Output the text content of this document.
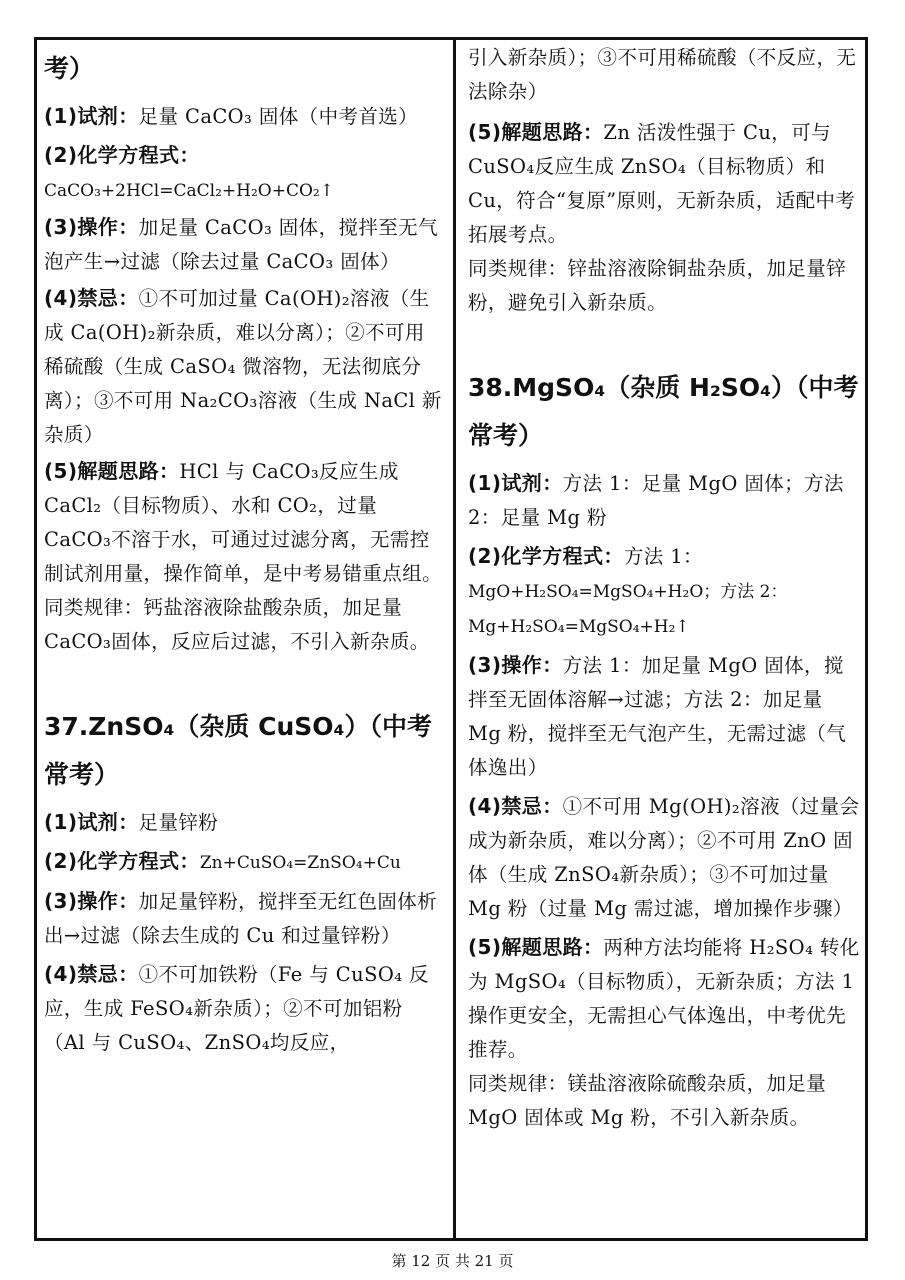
考）

(1)试剂：足量 CaCO₃ 固体（中考首选）

(2)化学方程式：
CaCO₃+2HCl=CaCl₂+H₂O+CO₂↑

(3)操作：加足量 CaCO₃ 固体，搅拌至无气泡产生→过滤（除去过量 CaCO₃ 固体）

(4)禁忌：①不可加过量 Ca(OH)₂溶液（生成 Ca(OH)₂新杂质，难以分离）；②不可用稀硫酸（生成 CaSO₄ 微溶物，无法彻底分离）；③不可用 Na₂CO₃溶液（生成 NaCl 新杂质）

(5)解题思路：HCl 与 CaCO₃反应生成 CaCl₂（目标物质）、水和 CO₂，过量 CaCO₃不溶于水，可通过过滤分离，无需控制试剂用量，操作简单，是中考易错重点组。

同类规律：钙盐溶液除盐酸杂质，加足量 CaCO₃固体，反应后过滤，不引入新杂质。

37.ZnSO₄（杂质 CuSO₄）（中考常考）

(1)试剂：足量锌粉

(2)化学方程式：Zn+CuSO₄=ZnSO₄+Cu

(3)操作：加足量锌粉，搅拌至无红色固体析出→过滤（除去生成的 Cu 和过量锌粉）

(4)禁忌：①不可加铁粉（Fe 与 CuSO₄ 反应，生成 FeSO₄新杂质）；②不可加铝粉（Al 与 CuSO₄、ZnSO₄均反应，

引入新杂质）；③不可用稀硫酸（不反应，无法除杂）

(5)解题思路：Zn 活泼性强于 Cu，可与 CuSO₄反应生成 ZnSO₄（目标物质）和 Cu，符合“复原”原则，无新杂质，适配中考拓展考点。

同类规律：锌盐溶液除铜盐杂质，加足量锌粉，避免引入新杂质。

38.MgSO₄（杂质 H₂SO₄）（中考常考）

(1)试剂：方法 1：足量 MgO 固体；方法 2：足量 Mg 粉

(2)化学方程式：方法 1：
MgO+H₂SO₄=MgSO₄+H₂O；方法 2：
Mg+H₂SO₄=MgSO₄+H₂↑

(3)操作：方法 1：加足量 MgO 固体，搅拌至无固体溶解→过滤；方法 2：加足量 Mg 粉，搅拌至无气泡产生，无需过滤（气体逸出）

(4)禁忌：①不可用 Mg(OH)₂溶液（过量会成为新杂质，难以分离）；②不可用 ZnO 固体（生成 ZnSO₄新杂质）；③不可加过量 Mg 粉（过量 Mg 需过滤，增加操作步骤）

(5)解题思路：两种方法均能将 H₂SO₄ 转化为 MgSO₄（目标物质），无新杂质；方法 1 操作更安全，无需担心气体逸出，中考优先推荐。

同类规律：镁盐溶液除硫酸杂质，加足量 MgO 固体或 Mg 粉，不引入新杂质。

第 12 页 共 21 页
